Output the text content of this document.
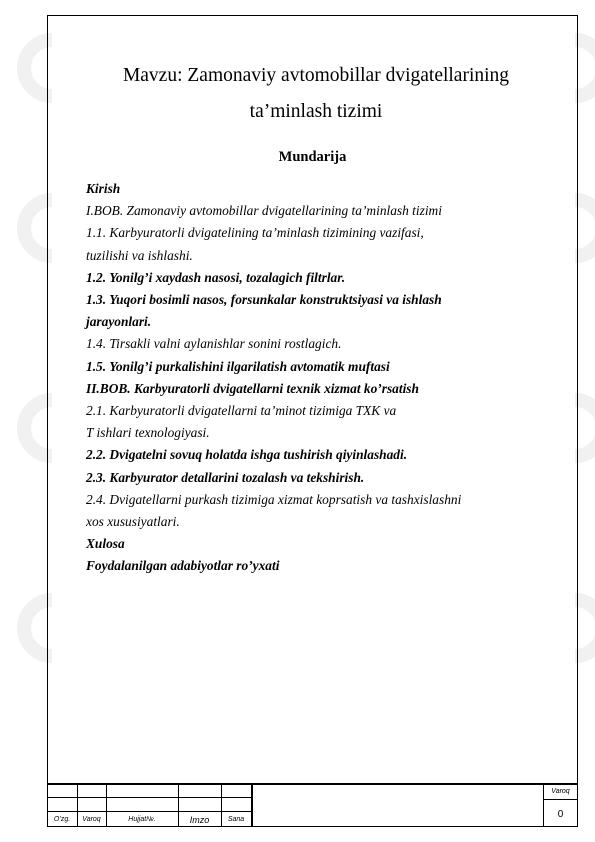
Mavzu: Zamonaviy avtomobillar dvigatellarining
ta’minlash tizimi
Mundarija
Kirish
I.BOB. Zamonaviy avtomobillar dvigatellarining ta’minlash tizimi
1.1. Karbyuratorli dvigatelining ta’minlash tizimining vazifasi,
tuzilishi va ishlashi.
1.2. Yonilg’i xaydash nasosi, tozalagich filtrlar.
1.3. Yuqori bosimli nasos, forsunkalar konstruktsiyasi va ishlash
jarayonlari.
1.4. Tirsakli valni aylanishlar sonini rostlagich.
1.5. Yonilg’i purkalishini ilgarilatish avtomatik muftasi
II.BOB. Karbyuratorli dvigatellarni texnik xizmat ko’rsatish
2.1. Karbyuratorli dvigatellarni ta’minot tizimiga TXK va
T ishlari texnologiyasi.
2.2. Dvigatelni sovuq holatda ishga tushirish qiyinlashadi.
2.3. Karbyurator detallarini tozalash va tekshirish.
2.4. Dvigatellarni purkash tizimiga xizmat koprsatish va tashxislashni
xos xususiyatlari.
Xulosa
Foydalanilgan adabiyotlar ro’yxati
O’zg.	Varoq	Hujjat№.	Imzo	Sana
Varoq
0
